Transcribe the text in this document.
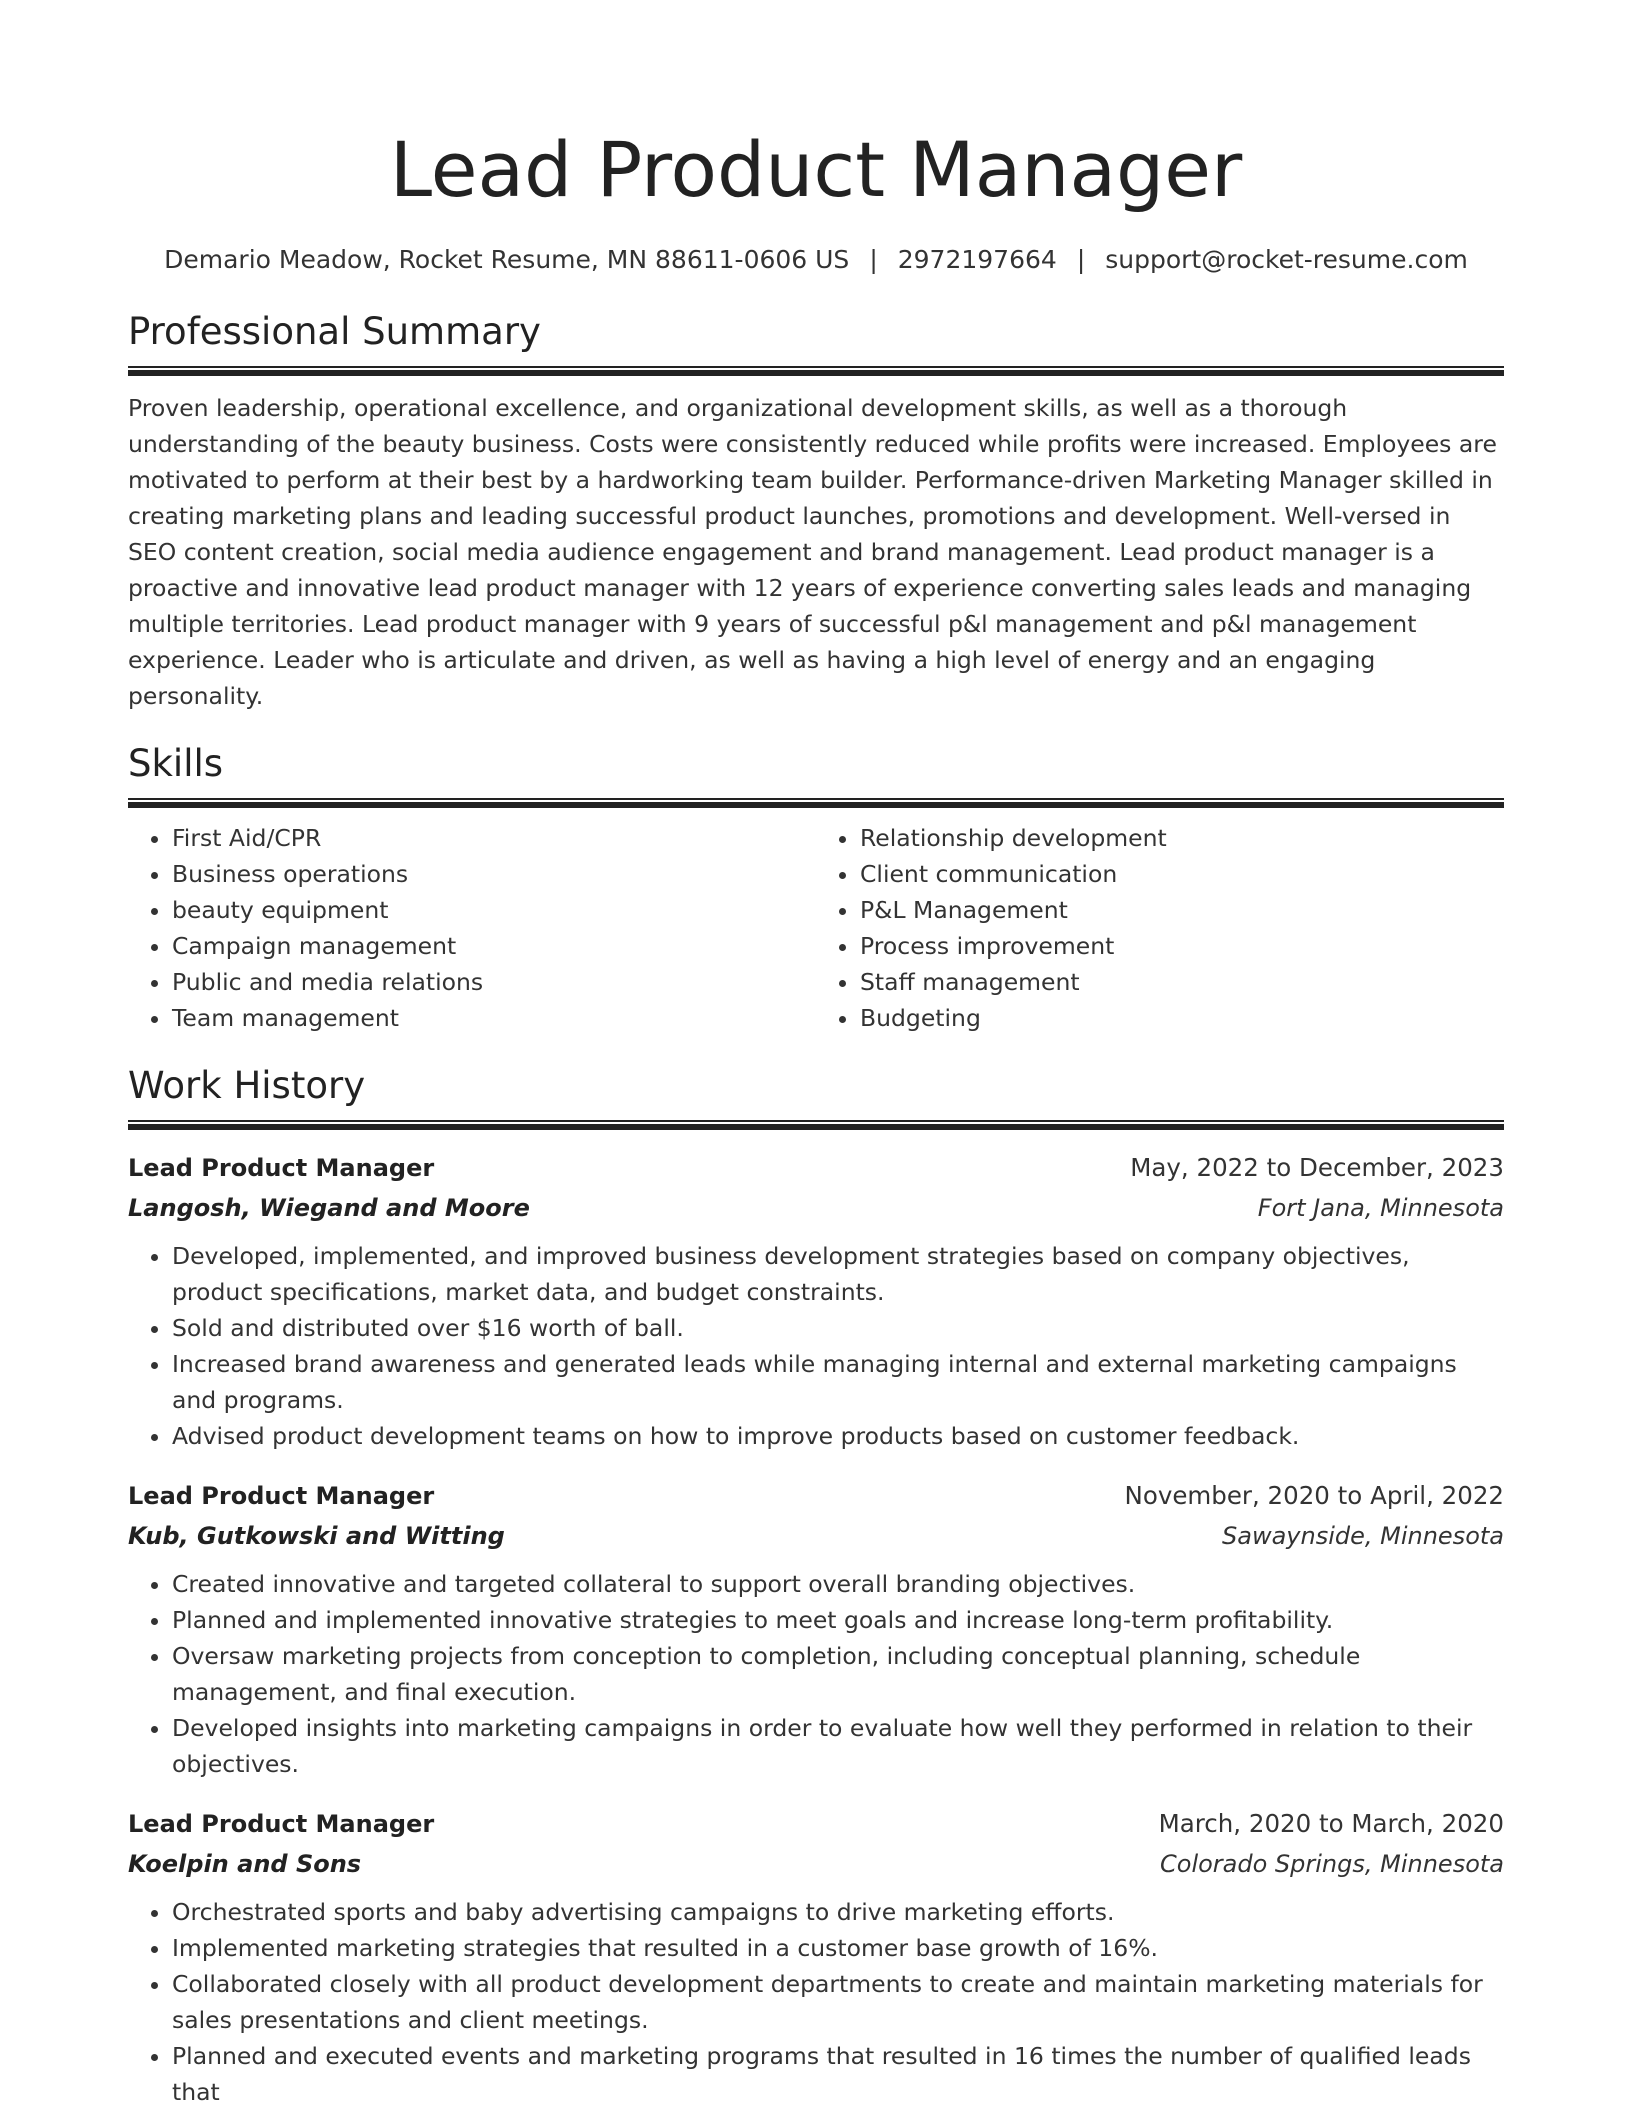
Lead Product Manager
Demario Meadow, Rocket Resume, MN 88611-0606 US | 2972197664 | support@rocket-resume.com
Professional Summary

Proven leadership, operational excellence, and organizational development skills, as well as a thorough understanding of the beauty business. Costs were consistently reduced while profits were increased. Employees are motivated to perform at their best by a hardworking team builder. Performance-driven Marketing Manager skilled in creating marketing plans and leading successful product launches, promotions and development. Well-versed in SEO content creation, social media audience engagement and brand management. Lead product manager is a proactive and innovative lead product manager with 12 years of experience converting sales leads and managing multiple territories. Lead product manager with 9 years of successful p&l management and p&l management experience. Leader who is articulate and driven, as well as having a high level of energy and an engaging personality.

Skills
• First Aid/CPR
• Business operations
• beauty equipment
• Campaign management
• Public and media relations
• Team management
• Relationship development
• Client communication
• P&L Management
• Process improvement
• Staff management
• Budgeting
Work History
Lead Product Manager	May, 2022 to December, 2023
Langosh, Wiegand and Moore	Fort Jana, Minnesota
• Developed, implemented, and improved business development strategies based on company objectives, product specifications, market data, and budget constraints.
• Sold and distributed over $16 worth of ball.
• Increased brand awareness and generated leads while managing internal and external marketing campaigns and programs.
• Advised product development teams on how to improve products based on customer feedback.
Lead Product Manager	November, 2020 to April, 2022
Kub, Gutkowski and Witting	Sawaynside, Minnesota
• Created innovative and targeted collateral to support overall branding objectives.
• Planned and implemented innovative strategies to meet goals and increase long-term profitability.
• Oversaw marketing projects from conception to completion, including conceptual planning, schedule management, and final execution.
• Developed insights into marketing campaigns in order to evaluate how well they performed in relation to their objectives.
Lead Product Manager	March, 2020 to March, 2020
Koelpin and Sons	Colorado Springs, Minnesota
• Orchestrated sports and baby advertising campaigns to drive marketing efforts.
• Implemented marketing strategies that resulted in a customer base growth of 16%.
• Collaborated closely with all product development departments to create and maintain marketing materials for sales presentations and client meetings.
• Planned and executed events and marketing programs that resulted in 16 times the number of qualified leads that
